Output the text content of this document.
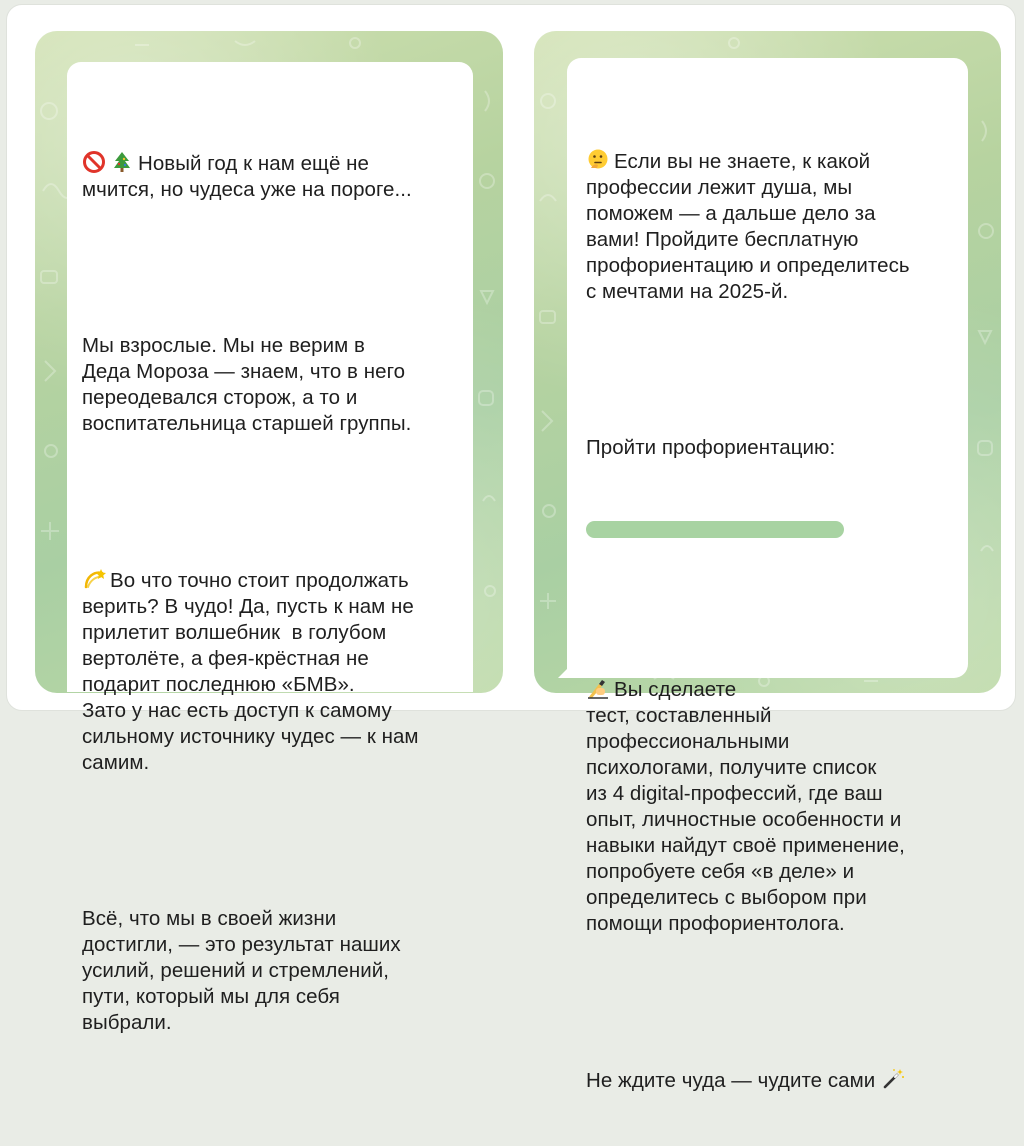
Новый год к нам ещё не
мчится, но чудеса уже на пороге...

Мы взрослые. Мы не верим в
Деда Мороза — знаем, что в него
переодевался сторож, а то и
воспитательница старшей группы.

Во что точно стоит продолжать
верить? В чудо! Да, пусть к нам не
прилетит волшебник  в голубом
вертолёте, а фея-крёстная не
подарит последнюю «БМВ».
Зато у нас есть доступ к самому
сильному источнику чудес — к нам
самим.

Всё, что мы в своей жизни
достигли, — это результат наших
усилий, решений и стремлений,
пути, который мы для себя
выбрали.

Если вы не знаете, к какой
профессии лежит душа, мы
поможем — а дальше дело за
вами! Пройдите бесплатную
профориентацию и определитесь
с мечтами на 2025-й.

Пройти профориентацию:

Вы сделаете
тест, составленный
профессиональными
психологами, получите список
из 4 digital-профессий, где ваш
опыт, личностные особенности и
навыки найдут своё применение,
попробуете себя «в деле» и
определитесь с выбором при
помощи профориентолога.

Не ждите чуда — чудите сами
